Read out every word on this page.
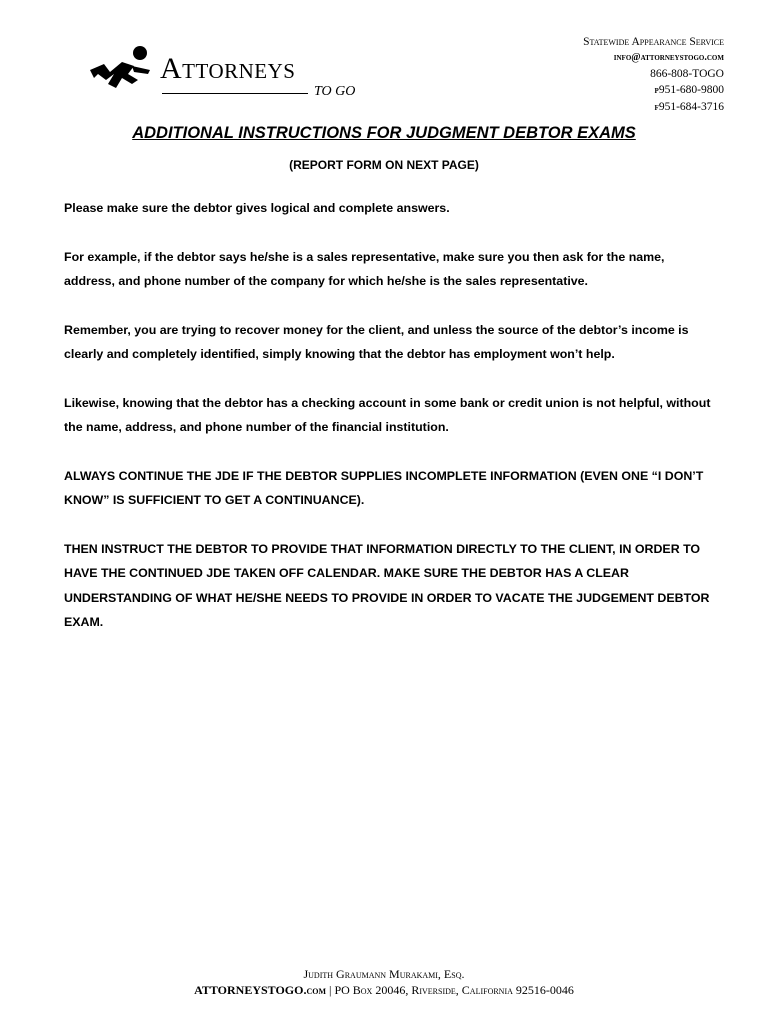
Attorneys
TO GO
Statewide Appearance Service
info@attorneystogo.com
866-808-TOGO
p951-680-9800
f951-684-3716
ADDITIONAL INSTRUCTIONS FOR JUDGMENT DEBTOR EXAMS
(REPORT FORM ON NEXT PAGE)

Please make sure the debtor gives logical and complete answers.

For example, if the debtor says he/she is a sales representative, make sure you then ask for the name, address, and phone number of the company for which he/she is the sales representative.

Remember, you are trying to recover money for the client, and unless the source of the debtor’s income is clearly and completely identified, simply knowing that the debtor has employment won’t help.

Likewise, knowing that the debtor has a checking account in some bank or credit union is not helpful, without the name, address, and phone number of the financial institution.

ALWAYS CONTINUE THE JDE IF THE DEBTOR SUPPLIES INCOMPLETE INFORMATION (EVEN ONE “I DON’T KNOW” IS SUFFICIENT TO GET A CONTINUANCE).

THEN INSTRUCT THE DEBTOR TO PROVIDE THAT INFORMATION DIRECTLY TO THE CLIENT, IN ORDER TO HAVE THE CONTINUED JDE TAKEN OFF CALENDAR. MAKE SURE THE DEBTOR HAS A CLEAR UNDERSTANDING OF WHAT HE/SHE NEEDS TO PROVIDE IN ORDER TO VACATE THE JUDGEMENT DEBTOR EXAM.

Judith Graumann Murakami, Esq.
ATTORNEYSTOGO.com | PO Box 20046, Riverside, California 92516-0046
